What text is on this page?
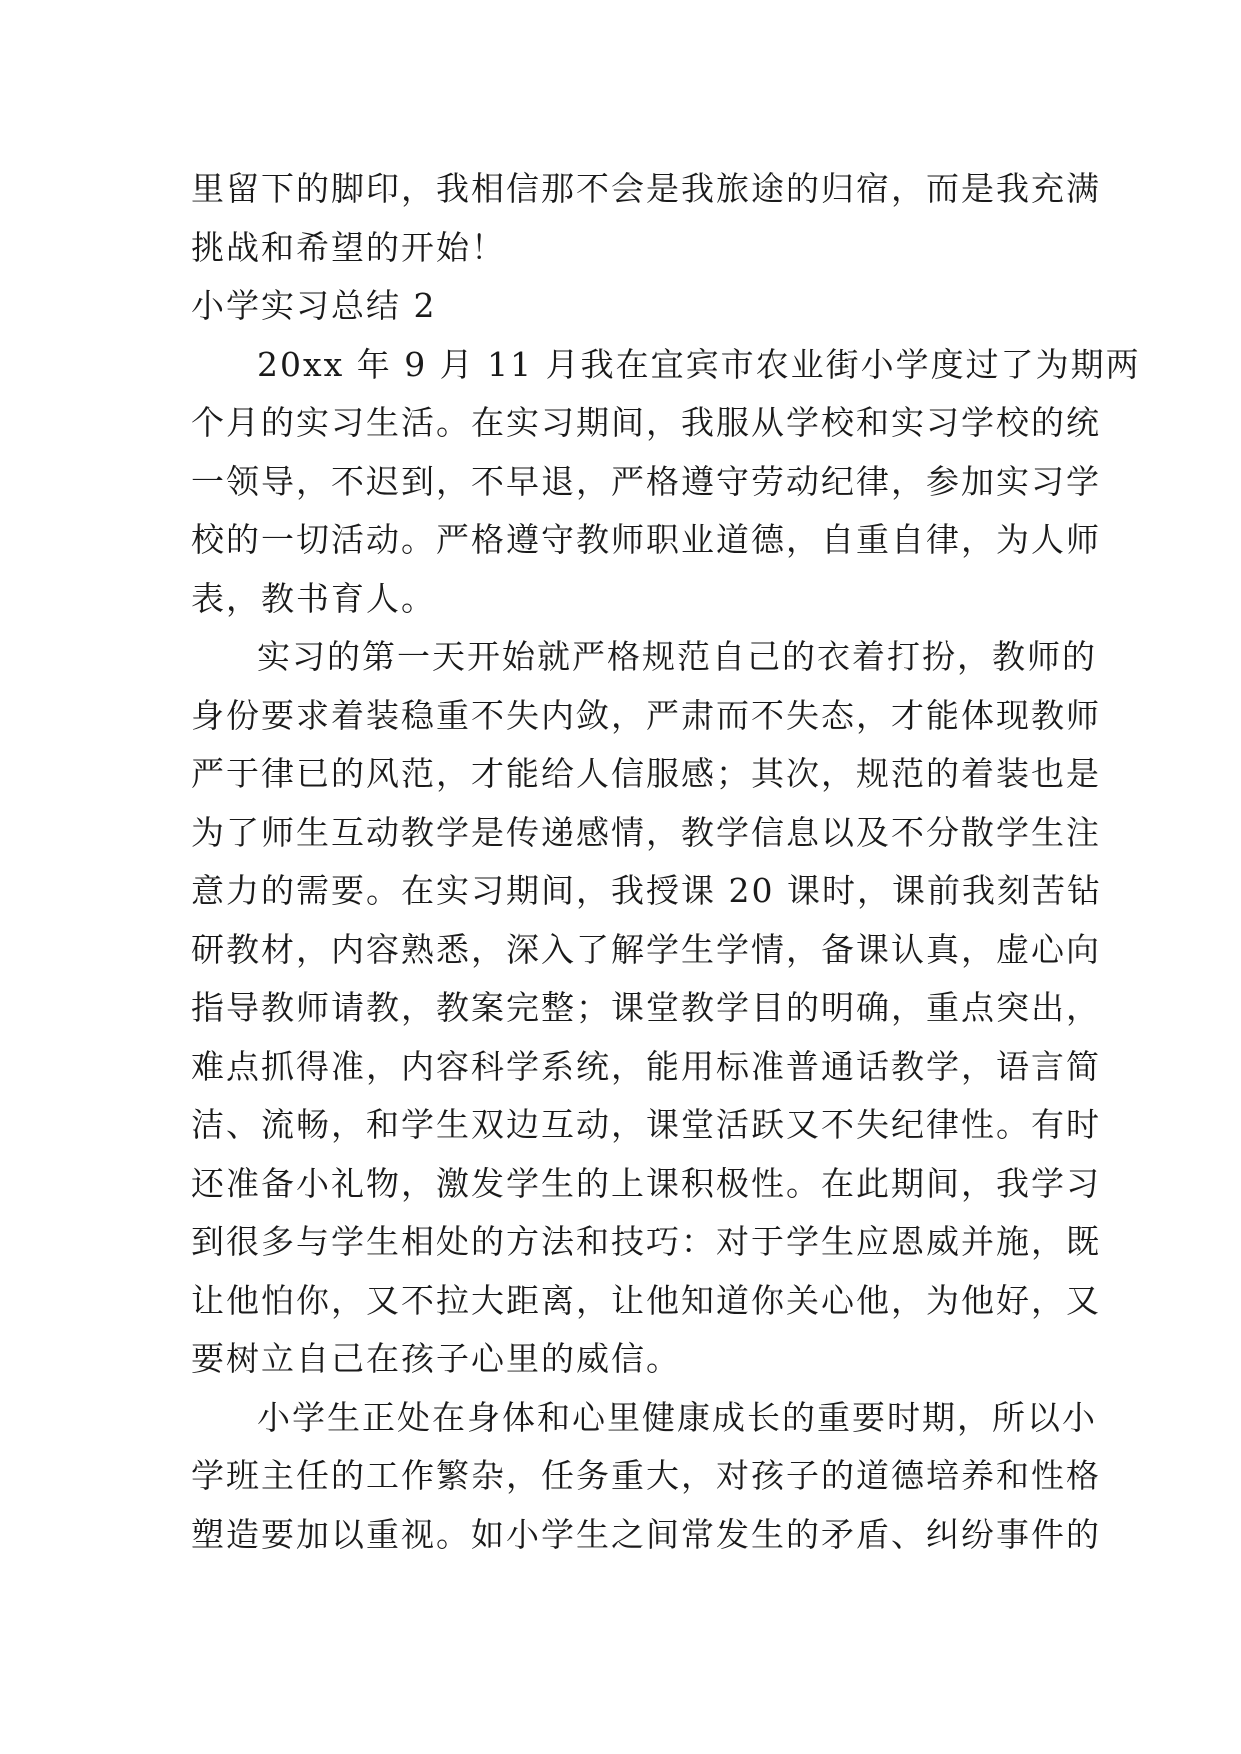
里留下的脚印，我相信那不会是我旅途的归宿，而是我充满
挑战和希望的开始！
小学实习总结 2
20xx 年 9 月 11 月我在宜宾市农业街小学度过了为期两
个月的实习生活。在实习期间，我服从学校和实习学校的统
一领导，不迟到，不早退，严格遵守劳动纪律，参加实习学
校的一切活动。严格遵守教师职业道德，自重自律，为人师
表，教书育人。
实习的第一天开始就严格规范自己的衣着打扮，教师的
身份要求着装稳重不失内敛，严肃而不失态，才能体现教师
严于律已的风范，才能给人信服感；其次，规范的着装也是
为了师生互动教学是传递感情，教学信息以及不分散学生注
意力的需要。在实习期间，我授课 20 课时，课前我刻苦钻
研教材，内容熟悉，深入了解学生学情，备课认真，虚心向
指导教师请教，教案完整；课堂教学目的明确，重点突出，
难点抓得准，内容科学系统，能用标准普通话教学，语言简
洁、流畅，和学生双边互动，课堂活跃又不失纪律性。有时
还准备小礼物，激发学生的上课积极性。在此期间，我学习
到很多与学生相处的方法和技巧：对于学生应恩威并施，既
让他怕你，又不拉大距离，让他知道你关心他，为他好，又
要树立自己在孩子心里的威信。
小学生正处在身体和心里健康成长的重要时期，所以小
学班主任的工作繁杂，任务重大，对孩子的道德培养和性格
塑造要加以重视。如小学生之间常发生的矛盾、纠纷事件的
